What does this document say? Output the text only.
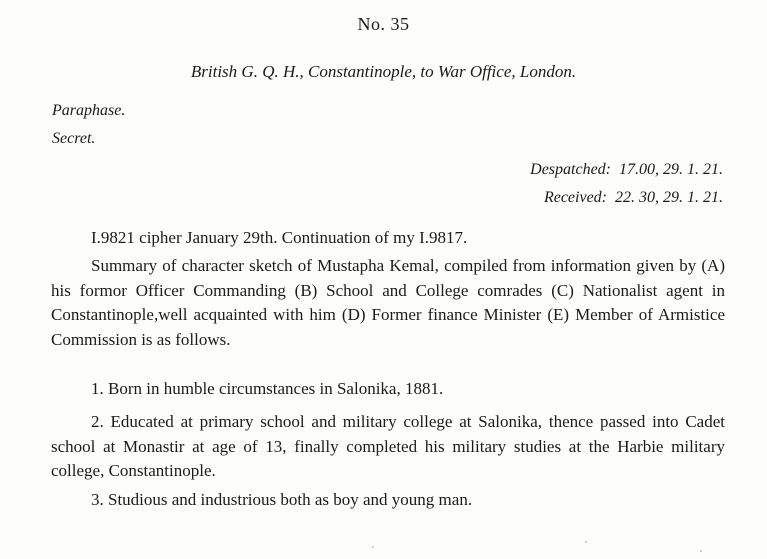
No. 35
British G. Q. H., Constantinople, to War Office, London.
Paraphase.
Secret.
Despatched: 17.00, 29. 1. 21.
Received: 22. 30, 29. 1. 21.

I.9821 cipher January 29th. Continuation of my I.9817.

Summary of character sketch of Mustapha Kemal, compiled from information given by (A) his formor Officer Commanding (B) School and College comrades (C) Nationalist agent in Constantinople,well acquainted with him (D) Former finance Minister (E) Member of Armistice Commission is as follows.

1. Born in humble circumstances in Salonika, 1881.

2. Educated at primary school and military college at Salonika, thence passed into Cadet school at Monastir at age of 13, finally completed his military studies at the Harbie military college, Constantinople.

3. Studious and industrious both as boy and young man.
